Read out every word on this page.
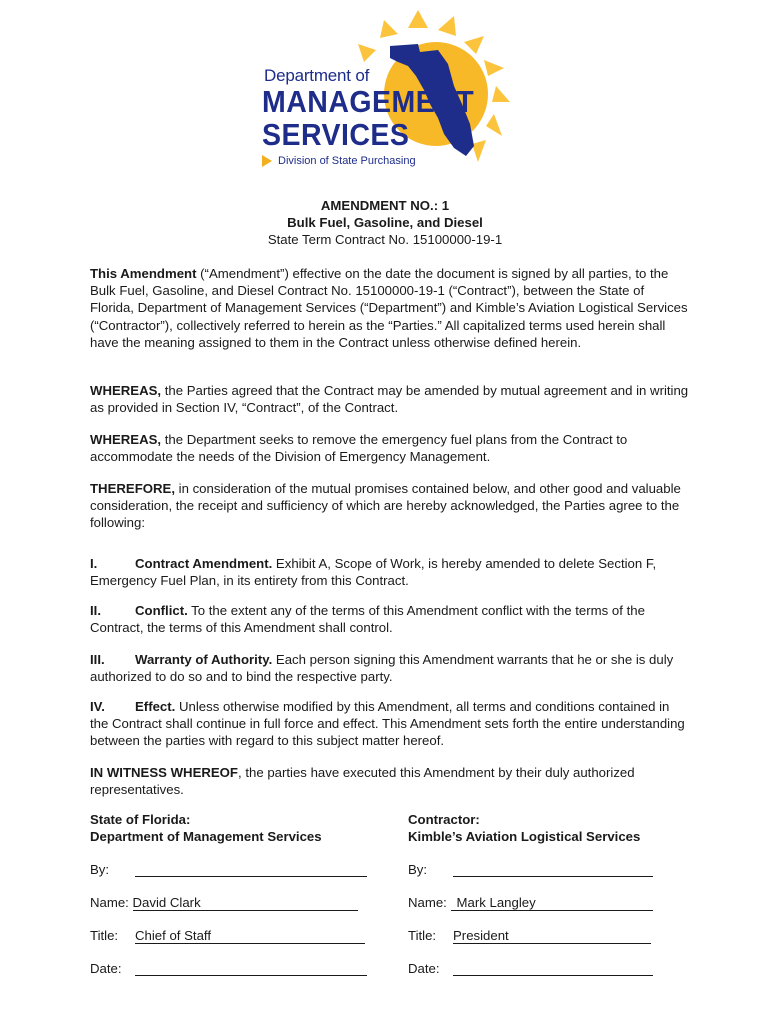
Department of
MANAGEMENT
SERVICES
Division of State Purchasing
AMENDMENT NO.: 1
Bulk Fuel, Gasoline, and Diesel
State Term Contract No. 15100000-19-1
This Amendment (“Amendment”) effective on the date the document is signed by all parties, to the Bulk Fuel, Gasoline, and Diesel Contract No. 15100000-19-1 (“Contract”), between the State of Florida, Department of Management Services (“Department”) and Kimble’s Aviation Logistical Services (“Contractor”), collectively referred to herein as the “Parties.” All capitalized terms used herein shall have the meaning assigned to them in the Contract unless otherwise defined herein.
WHEREAS, the Parties agreed that the Contract may be amended by mutual agreement and in writing as provided in Section IV, “Contract”, of the Contract.
WHEREAS, the Department seeks to remove the emergency fuel plans from the Contract to accommodate the needs of the Division of Emergency Management.
THEREFORE, in consideration of the mutual promises contained below, and other good and valuable consideration, the receipt and sufficiency of which are hereby acknowledged, the Parties agree to the following:
I.	Contract Amendment. Exhibit A, Scope of Work, is hereby amended to delete Section F, Emergency Fuel Plan, in its entirety from this Contract.
II.	Conflict. To the extent any of the terms of this Amendment conflict with the terms of the Contract, the terms of this Amendment shall control.
III. Warranty of Authority. Each person signing this Amendment warrants that he or she is duly authorized to do so and to bind the respective party.
IV. Effect. Unless otherwise modified by this Amendment, all terms and conditions contained in the Contract shall continue in full force and effect. This Amendment sets forth the entire understanding between the parties with regard to this subject matter hereof.
IN WITNESS WHEREOF, the parties have executed this Amendment by their duly authorized representatives.
State of Florida:
Department of Management Services
By:
Name: David Clark
Title: Chief of Staff
Date:
Contractor:
Kimble’s Aviation Logistical Services
By:
Name: Mark Langley
Title: President
Date:
